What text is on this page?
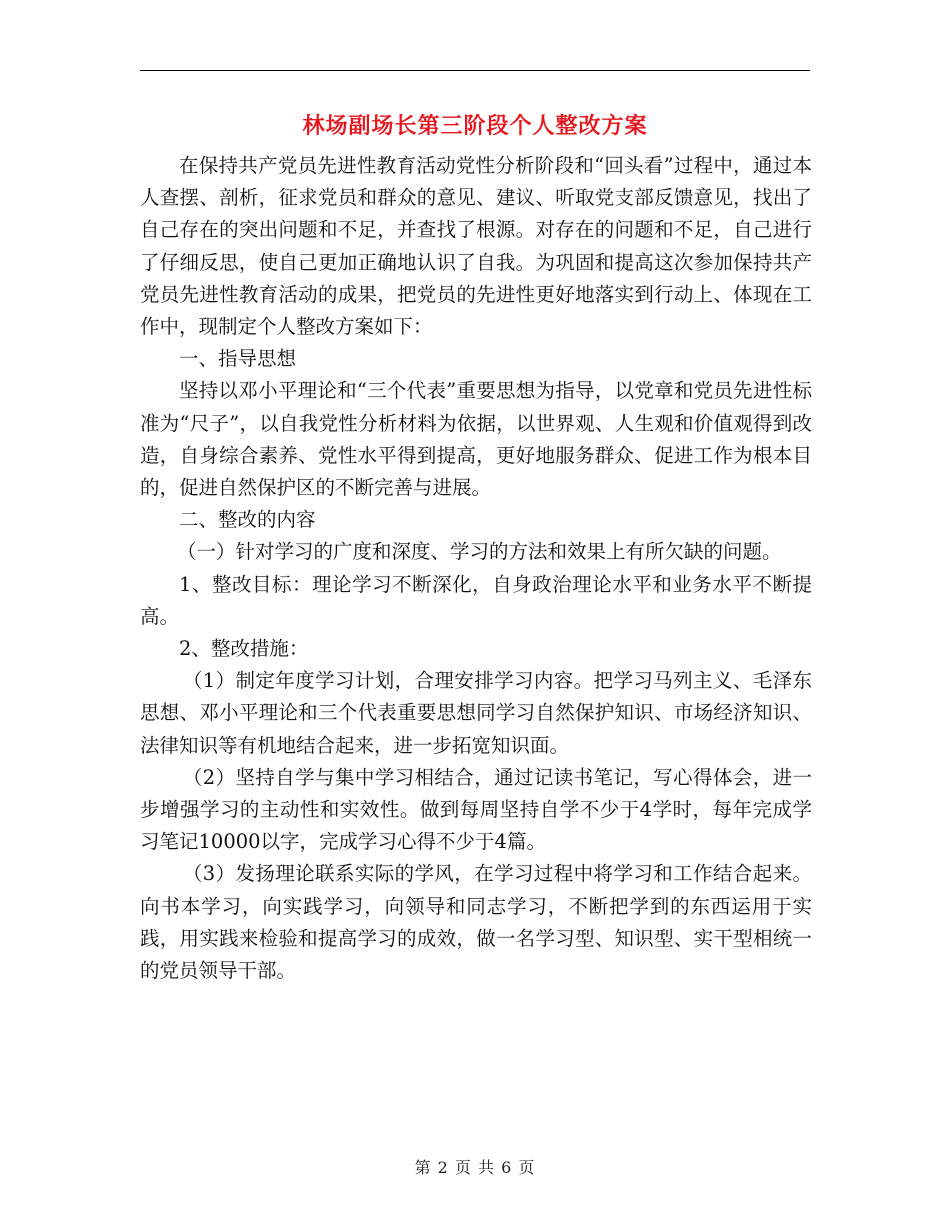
林场副场长第三阶段个人整改方案

在保持共产党员先进性教育活动党性分析阶段和“回头看”过程中，通过本人查摆、剖析，征求党员和群众的意见、建议、听取党支部反馈意见，找出了自己存在的突出问题和不足，并查找了根源。对存在的问题和不足，自己进行了仔细反思，使自己更加正确地认识了自我。为巩固和提高这次参加保持共产党员先进性教育活动的成果，把党员的先进性更好地落实到行动上、体现在工作中，现制定个人整改方案如下：

一、指导思想

坚持以邓小平理论和“三个代表”重要思想为指导，以党章和党员先进性标准为“尺子”，以自我党性分析材料为依据，以世界观、人生观和价值观得到改造，自身综合素养、党性水平得到提高，更好地服务群众、促进工作为根本目的，促进自然保护区的不断完善与进展。

二、整改的内容

（一）针对学习的广度和深度、学习的方法和效果上有所欠缺的问题。

1、整改目标：理论学习不断深化，自身政治理论水平和业务水平不断提高。

2、整改措施：

（1）制定年度学习计划，合理安排学习内容。把学习马列主义、毛泽东思想、邓小平理论和三个代表重要思想同学习自然保护知识、市场经济知识、法律知识等有机地结合起来，进一步拓宽知识面。

（2）坚持自学与集中学习相结合，通过记读书笔记，写心得体会，进一步增强学习的主动性和实效性。做到每周坚持自学不少于4学时，每年完成学习笔记10000以字，完成学习心得不少于4篇。

（3）发扬理论联系实际的学风，在学习过程中将学习和工作结合起来。向书本学习，向实践学习，向领导和同志学习，不断把学到的东西运用于实践，用实践来检验和提高学习的成效，做一名学习型、知识型、实干型相统一的党员领导干部。

第 2 页 共 6 页
